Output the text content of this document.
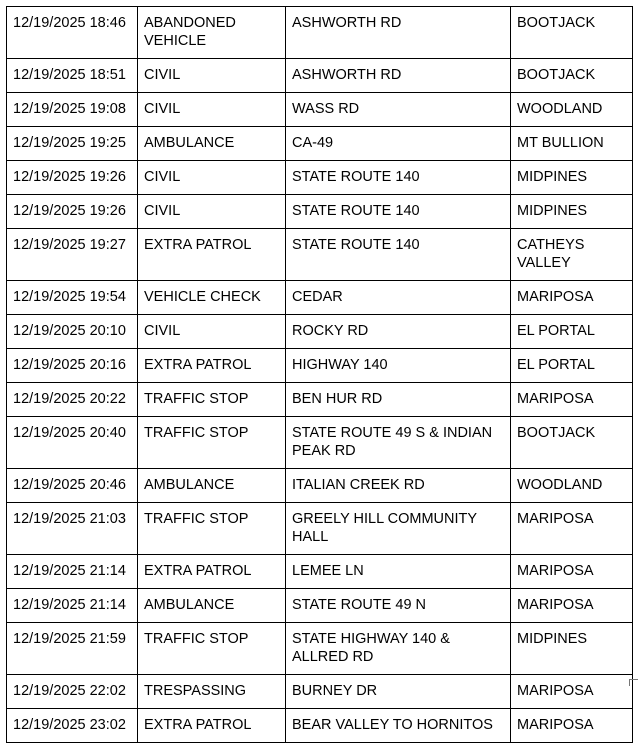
12/19/2025 18:46	ABANDONED VEHICLE	ASHWORTH RD	BOOTJACK
12/19/2025 18:51	CIVIL	ASHWORTH RD	BOOTJACK
12/19/2025 19:08	CIVIL	WASS RD	WOODLAND
12/19/2025 19:25	AMBULANCE	CA-49	MT BULLION
12/19/2025 19:26	CIVIL	STATE ROUTE 140	MIDPINES
12/19/2025 19:26	CIVIL	STATE ROUTE 140	MIDPINES
12/19/2025 19:27	EXTRA PATROL	STATE ROUTE 140	CATHEYS VALLEY
12/19/2025 19:54	VEHICLE CHECK	CEDAR	MARIPOSA
12/19/2025 20:10	CIVIL	ROCKY RD	EL PORTAL
12/19/2025 20:16	EXTRA PATROL	HIGHWAY 140	EL PORTAL
12/19/2025 20:22	TRAFFIC STOP	BEN HUR RD	MARIPOSA
12/19/2025 20:40	TRAFFIC STOP	STATE ROUTE 49 S & INDIAN PEAK RD	BOOTJACK
12/19/2025 20:46	AMBULANCE	ITALIAN CREEK RD	WOODLAND
12/19/2025 21:03	TRAFFIC STOP	GREELY HILL COMMUNITY HALL	MARIPOSA
12/19/2025 21:14	EXTRA PATROL	LEMEE LN	MARIPOSA
12/19/2025 21:14	AMBULANCE	STATE ROUTE 49 N	MARIPOSA
12/19/2025 21:59	TRAFFIC STOP	STATE HIGHWAY 140 & ALLRED RD	MIDPINES
12/19/2025 22:02	TRESPASSING	BURNEY DR	MARIPOSA
12/19/2025 23:02	EXTRA PATROL	BEAR VALLEY TO HORNITOS	MARIPOSA
